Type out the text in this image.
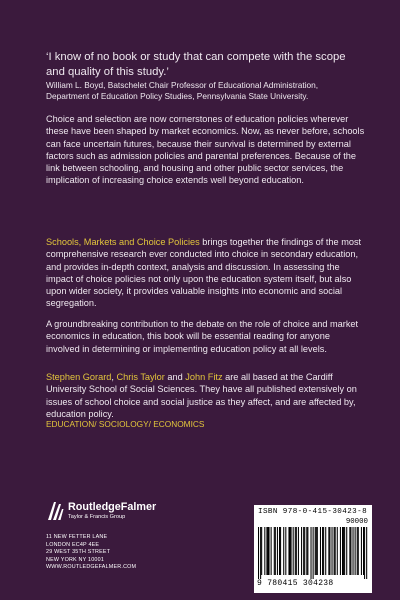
‘I know of no book or study that can compete with the scope and quality of this study.’
William L. Boyd, Batschelet Chair Professor of Educational Administration,
Department of Education Policy Studies, Pennsylvania State University.
Choice and selection are now cornerstones of education policies wherever these have been shaped by market economics. Now, as never before, schools can face uncertain futures, because their survival is determined by external factors such as admission policies and parental preferences. Because of the link between schooling, and housing and other public sector services, the implication of increasing choice extends well beyond education.
Schools, Markets and Choice Policies brings together the findings of the most comprehensive research ever conducted into choice in secondary education, and provides in-depth context, analysis and discussion. In assessing the impact of choice policies not only upon the education system itself, but also upon wider society, it provides valuable insights into economic and social segregation.
A groundbreaking contribution to the debate on the role of choice and market economics in education, this book will be essential reading for anyone involved in determining or implementing education policy at all levels.
Stephen Gorard, Chris Taylor and John Fitz are all based at the Cardiff University School of Social Sciences. They have all published extensively on issues of school choice and social justice as they affect, and are affected by, education policy.
EDUCATION/ SOCIOLOGY/ ECONOMICS
RoutledgeFalmer
Taylor & Francis Group
11 NEW FETTER LANE
LONDON EC4P 4EE
29 WEST 35TH STREET
NEW YORK NY 10001
WWW.ROUTLEDGEFALMER.COM
ISBN 978-0-415-30423-8
90000
9 780415 304238
